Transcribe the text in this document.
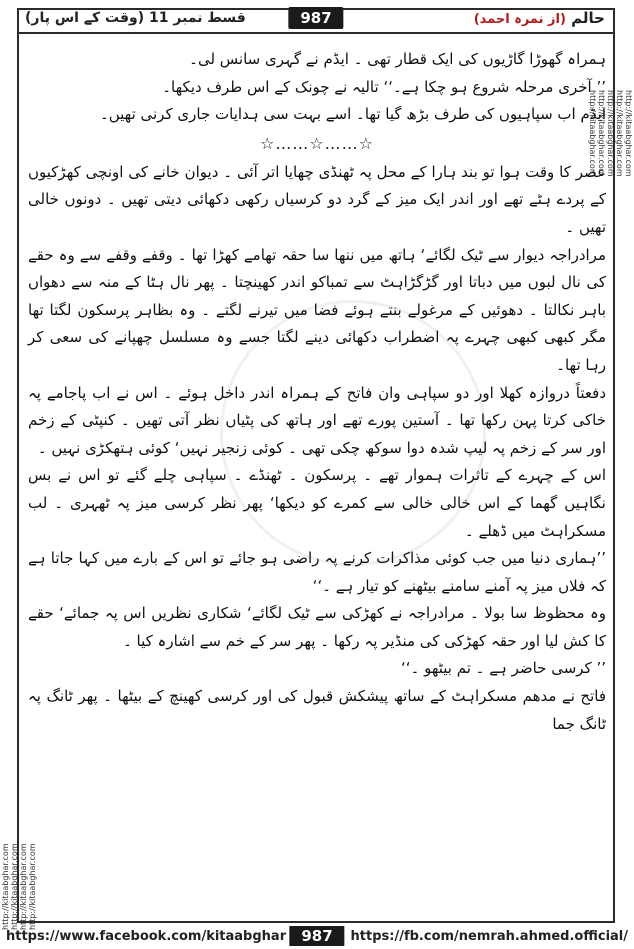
قسط نمبر 11 (وقت کے اس پار)	987	حالم (از نمرہ احمد)
http://kitaabghar.com http://kitaabghar.com http://kitaabghar.com http://kitaabghar.com
http://kitaabghar.com
http://kitaabghar.com
http://kitaabghar.com
http://kitaabghar.com
http://kitaabghar.com

ہمراہ گھوڑا گاڑیوں کی ایک قطار تھی ۔ ایڈم نے گہری سانس لی۔

’’ آخری مرحلہ شروع ہو چکا ہے۔‘‘ تالیہ نے چونک کے اس طرف دیکھا۔

ایڈم اب سپاہیوں کی طرف بڑھ گیا تھا۔ اسے بہت سی ہدایات جاری کرنی تھیں۔

☆……☆……☆

عصر کا وقت ہوا تو بند ہارا کے محل پہ ٹھنڈی چھایا اتر آئی ۔ دیوان خانے کی اونچی کھڑکیوں کے پردے ہٹے تھے اور اندر ایک میز کے گرد دو کرسیاں رکھی دکھائی دیتی تھیں ۔ دونوں خالی تھیں ۔

مرادراجہ دیوار سے ٹیک لگائے‘ ہاتھ میں ننھا سا حقہ تھامے کھڑا تھا ۔ وقفے وقفے سے وہ حقے کی نال لبوں میں دباتا اور گڑگڑاہٹ سے تمباکو اندر کھینچتا ۔ پھر نال ہٹا کے منہ سے دھواں باہر نکالتا ۔ دھوئیں کے مرغولے بنتے ہوئے فضا میں تیرنے لگتے ۔ وہ بظاہر پرسکون لگتا تھا مگر کبھی کبھی چہرے پہ اضطراب دکھائی دینے لگتا جسے وہ مسلسل چھپانے کی سعی کر رہا تھا۔

دفعتاً دروازہ کھلا اور دو سپاہی وان فاتح کے ہمراہ اندر داخل ہوئے ۔ اس نے اب پاجامے پہ خاکی کرتا پہن رکھا تھا ۔ آستین پورے تھے اور ہاتھ کی پٹیاں نظر آتی تھیں ۔ کنپٹی کے زخم اور سر کے زخم پہ لیپ شدہ دوا سوکھ چکی تھی ۔ کوئی زنجیر نہیں‘ کوئی ہتھکڑی نہیں ۔

اس کے چہرے کے تاثرات ہموار تھے ۔ پرسکون ۔ ٹھنڈے ۔ سپاہی چلے گئے تو اس نے بس نگاہیں گھما کے اس خالی خالی سے کمرے کو دیکھا‘ پھر نظر کرسی میز پہ ٹھہری ۔ لب مسکراہٹ میں ڈھلے ۔

’’ہماری دنیا میں جب کوئی مذاکرات کرنے پہ راضی ہو جائے تو اس کے بارے میں کہا جاتا ہے کہ فلاں میز پہ آمنے سامنے بیٹھنے کو تیار ہے ۔‘‘

وہ محظوظ سا بولا ۔ مرادراجہ نے کھڑکی سے ٹیک لگائے‘ شکاری نظریں اس پہ جمائے‘ حقے کا کش لیا اور حقہ کھڑکی کی منڈیر پہ رکھا ۔ پھر سر کے خم سے اشارہ کیا ۔

’’ کرسی حاضر ہے ۔ تم بیٹھو ۔‘‘

فاتح نے مدھم مسکراہٹ کے ساتھ پیشکش قبول کی اور کرسی کھینچ کے بیٹھا ۔ پھر ٹانگ پہ ٹانگ جما

https://www.facebook.com/kitaabghar	987	https://fb.com/nemrah.ahmed.official/
